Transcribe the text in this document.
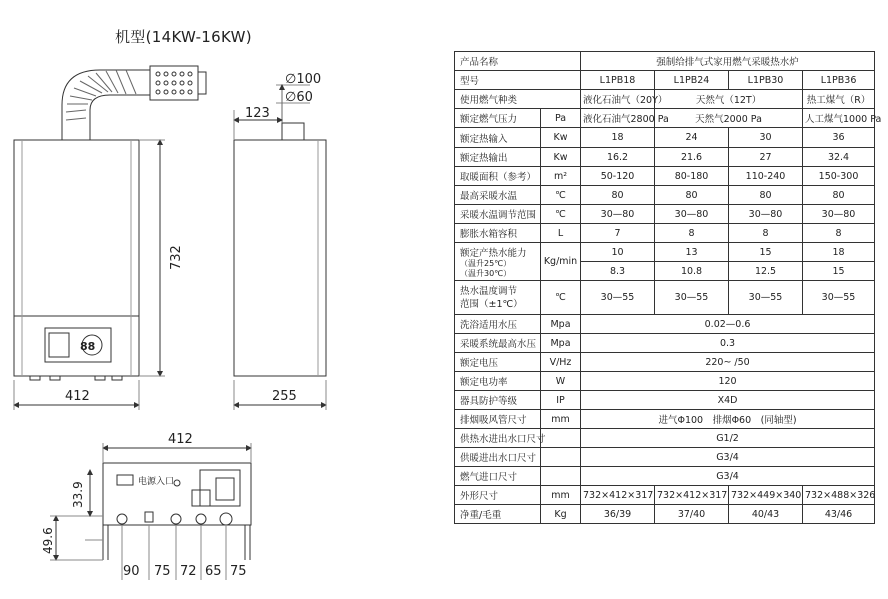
机型(14KW-16KW)
∅100
∅60
123
732
412	255
412
33.9
49.6
90 75 72 65 75
电源入口
88
产品名称		强制给排气式家用燃气采暖热水炉			
型号		L1PB18	L1PB24	L1PB30	L1PB36
使用燃气种类		液化石油气（20Y）	天然气（12T）		热工煤气（R）
额定燃气压力	Pa	液化石油气2800 Pa	天然气2000 Pa		人工煤气1000 Pa
额定热输入	Kw	18	24	30	36
额定热输出	Kw	16.2	21.6	27	32.4
取暖面积（参考）	m²	50-120	80-180	110-240	150-300
最高采暖水温	℃	80	80	80	80
采暖水温调节范围	℃	30—80	30—80	30—80	30—80
膨胀水箱容积	L	7	8	8	8
额定产热水能力
（温升25℃）
（温升30℃）	Kg/min	10	13	15	18
		8.3	10.8	12.5	15

热水温度调节
范围（±1℃）	℃	30—55	30—55	30—55	30—55
洗浴适用水压	Mpa	0.02—0.6			
采暖系统最高水压	Mpa	0.3			
额定电压	V/Hz	220~ /50			
额定电功率	W	120			
器具防护等级	IP	X4D			
排烟吸风管尺寸	mm	进气Φ100　排烟Φ60　(同轴型)			
供热水进出水口尺寸		G1/2			
供暖进出水口尺寸		G3/4			
燃气进口尺寸		G3/4			
外形尺寸	mm	732×412×317	732×412×317	732×449×340	732×488×326
净重/毛重	Kg	36/39	37/40	40/43	43/46
